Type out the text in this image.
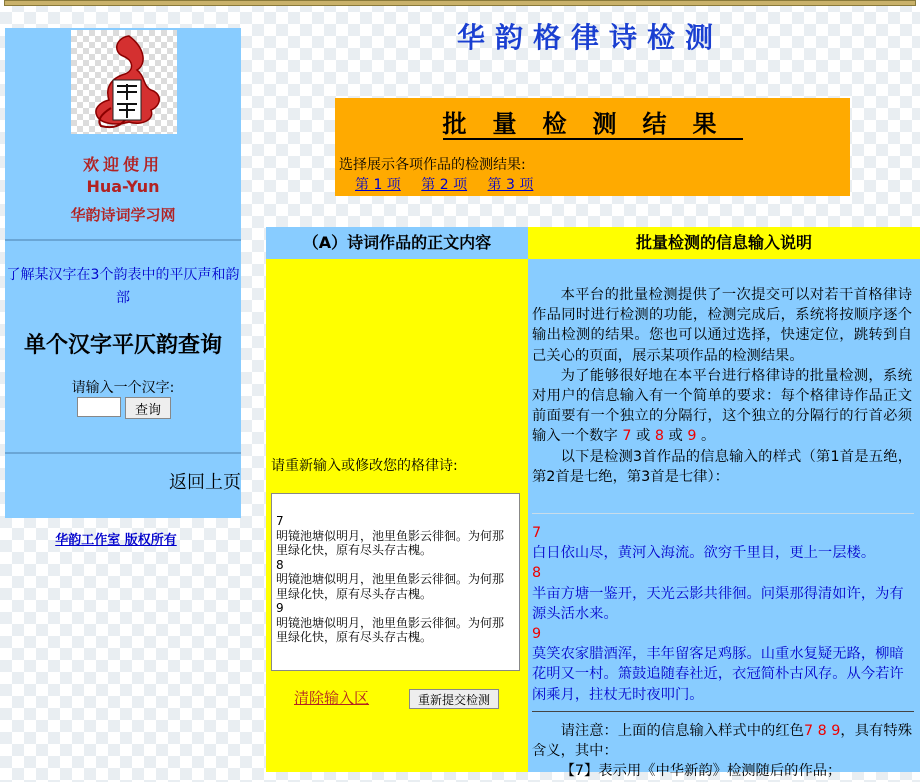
欢迎使用
Hua-Yun
华韵诗词学习网
了解某汉字在3个韵表中的平仄声和韵部
单个汉字平仄韵查询
请输入一个汉字:
查询
返回上页
华韵工作室 版权所有
华韵格律诗检测
批量检测结果
选择展示各项作品的检测结果:
第 1 项 第 2 项 第 3 项
（A）诗词作品的正文内容	批量检测的信息输入说明
请重新输入或修改您的格律诗:
7 明镜池塘似明月，池里鱼影云徘徊。为何那里绿化快，原有尽头存古槐。 8 明镜池塘似明月，池里鱼影云徘徊。为何那里绿化快，原有尽头存古槐。 9 明镜池塘似明月，池里鱼影云徘徊。为何那里绿化快，原有尽头存古槐。
清除输入区	重新提交检测

本平台的批量检测提供了一次提交可以对若干首格律诗作品同时进行检测的功能，检测完成后，系统将按顺序逐个输出检测的结果。您也可以通过选择，快速定位，跳转到自己关心的页面，展示某项作品的检测结果。

为了能够很好地在本平台进行格律诗的批量检测，系统对用户的信息输入有一个简单的要求：每个格律诗作品正文前面要有一个独立的分隔行，这个独立的分隔行的行首必须输入一个数字 7 或 8 或 9 。

以下是检测3首作品的信息输入的样式（第1首是五绝，第2首是七绝，第3首是七律）：

7
白日依山尽，黄河入海流。欲穷千里目，更上一层楼。
8
半亩方塘一鉴开，天光云影共徘徊。问渠那得清如许，为有源头活水来。
9
莫笑农家腊酒浑，丰年留客足鸡豚。山重水复疑无路，柳暗花明又一村。箫鼓追随春社近，衣冠简朴古风存。从今若许闲乘月，拄杖无时夜叩门。

请注意：上面的信息输入样式中的红色7 8 9，具有特殊含义，其中：

【7】表示用《中华新韵》检测随后的作品；
